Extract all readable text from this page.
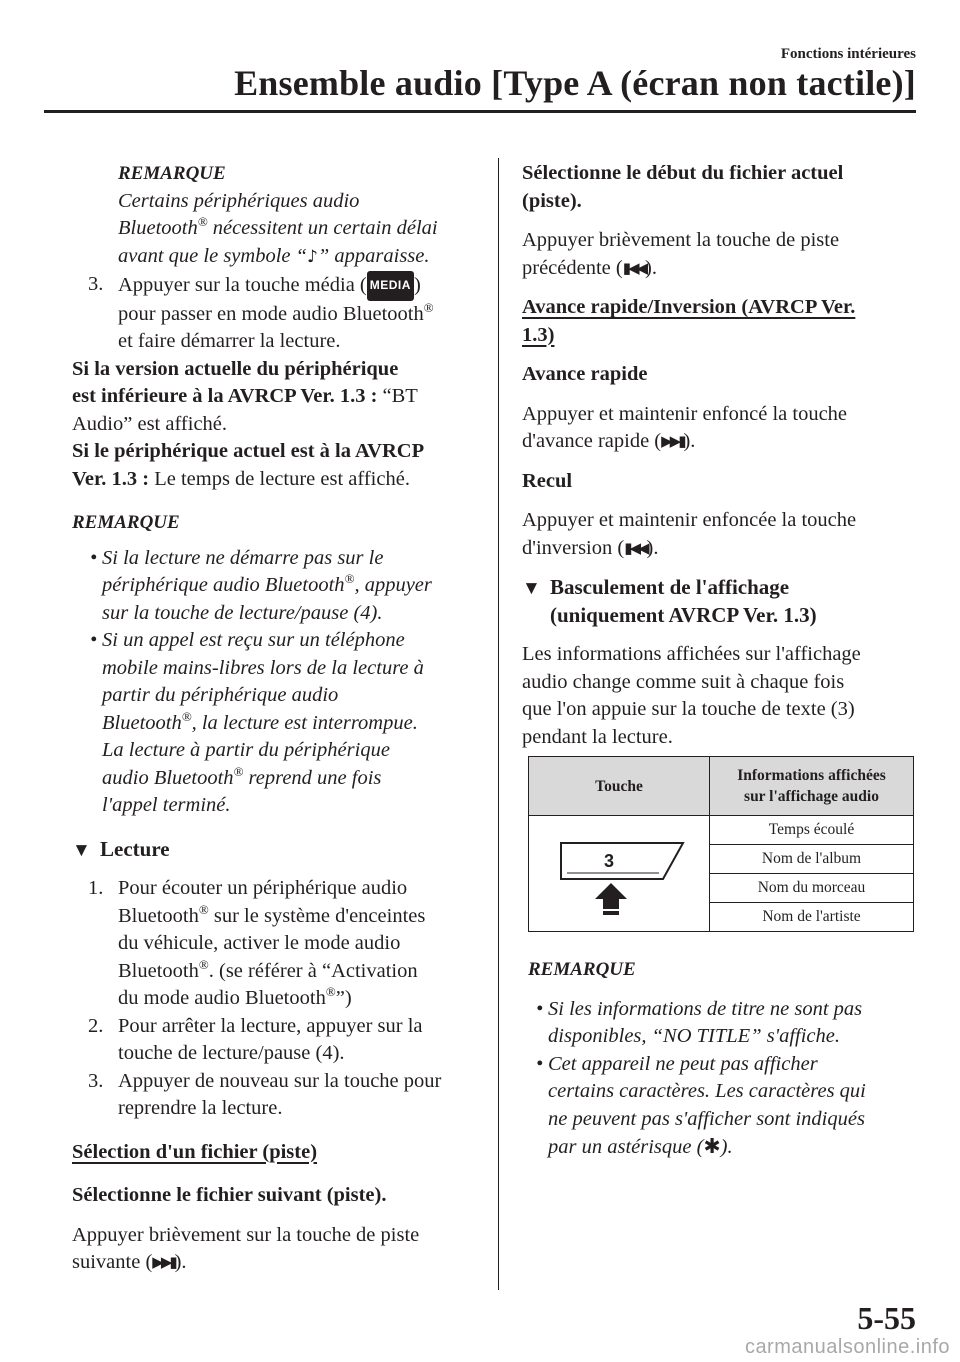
Fonctions intérieures
Ensemble audio [Type A (écran non tactile)]

REMARQUE

Certains périphériques audio

Bluetooth® nécessitent un certain délai

avant que le symbole “♪” apparaisse.

3. Appuyer sur la touche média ( MEDIA )

pour passer en mode audio Bluetooth®

et faire démarrer la lecture.

Si la version actuelle du périphérique

est inférieure à la AVRCP Ver. 1.3 : “BT

Audio” est affiché.

Si le périphérique actuel est à la AVRCP

Ver. 1.3 : Le temps de lecture est affiché.

REMARQUE

• Si la lecture ne démarre pas sur le

périphérique audio Bluetooth®, appuyer

sur la touche de lecture/pause (4).

• Si un appel est reçu sur un téléphone

mobile mains-libres lors de la lecture à

partir du périphérique audio

Bluetooth®, la lecture est interrompue.

La lecture à partir du périphérique

audio Bluetooth® reprend une fois

l'appel terminé.

▼ Lecture

1. Pour écouter un périphérique audio

Bluetooth® sur le système d'enceintes

du véhicule, activer le mode audio

Bluetooth®. (se référer à “Activation

du mode audio Bluetooth®”)

2. Pour arrêter la lecture, appuyer sur la

touche de lecture/pause (4).

3. Appuyer de nouveau sur la touche pour

reprendre la lecture.

Sélection d'un fichier (piste)

Sélectionne le fichier suivant (piste).

Appuyer brièvement sur la touche de piste

suivante (▶▶▮).

Sélectionne le début du fichier actuel

(piste).

Appuyer brièvement la touche de piste

précédente (▮◀◀).

Avance rapide/Inversion (AVRCP Ver.

1.3)

Avance rapide

Appuyer et maintenir enfoncé la touche

d'avance rapide (▶▶▮).

Recul

Appuyer et maintenir enfoncée la touche

d'inversion (▮◀◀).

▼ Basculement de l'affichage

(uniquement AVRCP Ver. 1.3)

Les informations affichées sur l'affichage

audio change comme suit à chaque fois

que l'on appuie sur la touche de texte (3)

pendant la lecture.

Touche	Informations affichées
sur l'affichage audio

3	Temps écoulé
	Nom de l'album
	Nom du morceau
	Nom de l'artiste

REMARQUE

• Si les informations de titre ne sont pas

disponibles, “NO TITLE” s'affiche.

• Cet appareil ne peut pas afficher

certains caractères. Les caractères qui

ne peuvent pas s'afficher sont indiqués

par un astérisque (✱).

5-55
carmanualsonline.info
